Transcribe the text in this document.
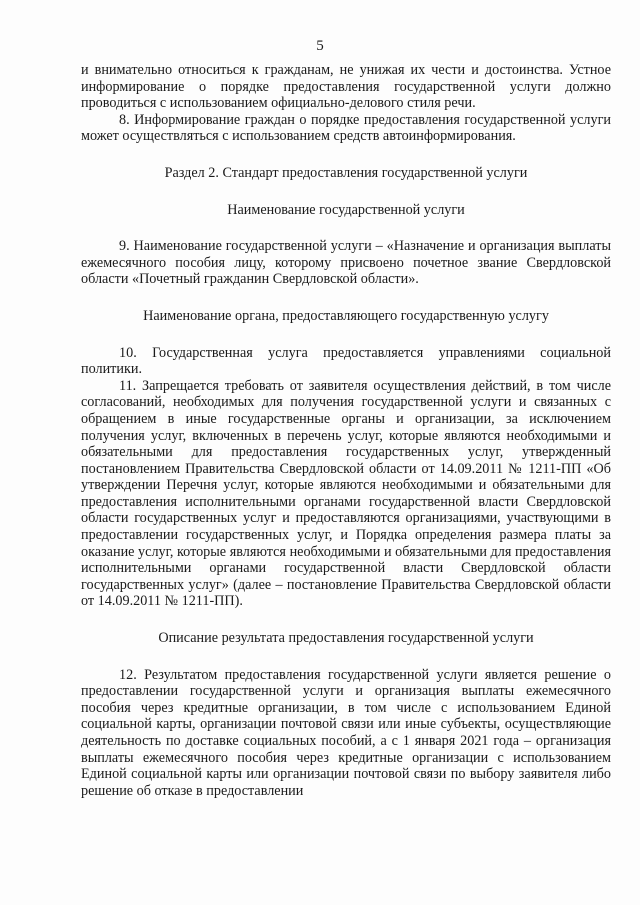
5

и внимательно относиться к гражданам, не унижая их чести и достоинства. Устное информирование о порядке предоставления государственной услуги должно проводиться с использованием официально-делового стиля речи.

8. Информирование граждан о порядке предоставления государственной услуги может осуществляться с использованием средств автоинформирования.

Раздел 2. Стандарт предоставления государственной услуги

Наименование государственной услуги

9. Наименование государственной услуги – «Назначение и организация выплаты ежемесячного пособия лицу, которому присвоено почетное звание Свердловской области «Почетный гражданин Свердловской области».

Наименование органа, предоставляющего государственную услугу

10. Государственная услуга предоставляется управлениями социальной политики.

11. Запрещается требовать от заявителя осуществления действий, в том числе согласований, необходимых для получения государственной услуги и связанных с обращением в иные государственные органы и организации, за исключением получения услуг, включенных в перечень услуг, которые являются необходимыми и обязательными для предоставления государственных услуг, утвержденный постановлением Правительства Свердловской области от 14.09.2011 № 1211-ПП «Об утверждении Перечня услуг, которые являются необходимыми и обязательными для предоставления исполнительными органами государственной власти Свердловской области государственных услуг и предоставляются организациями, участвующими в предоставлении государственных услуг, и Порядка определения размера платы за оказание услуг, которые являются необходимыми и обязательными для предоставления исполнительными органами государственной власти Свердловской области государственных услуг» (далее – постановление Правительства Свердловской области от 14.09.2011 № 1211-ПП).

Описание результата предоставления государственной услуги

12. Результатом предоставления государственной услуги является решение о предоставлении государственной услуги и организация выплаты ежемесячного пособия через кредитные организации, в том числе с использованием Единой социальной карты, организации почтовой связи или иные субъекты, осуществляющие деятельность по доставке социальных пособий, а с 1 января 2021 года – организация выплаты ежемесячного пособия через кредитные организации с использованием Единой социальной карты или организации почтовой связи по выбору заявителя либо решение об отказе в предоставлении
